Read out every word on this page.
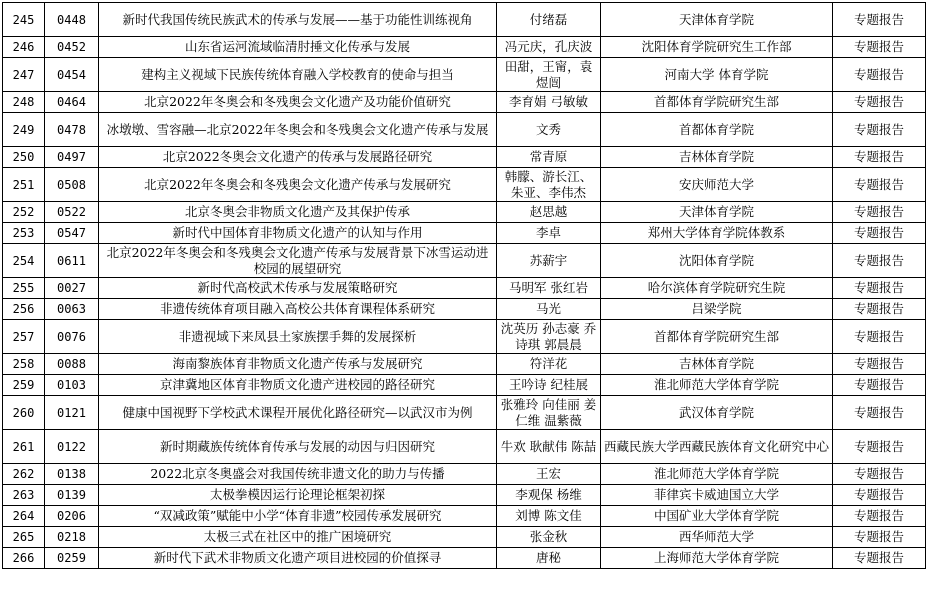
245	0448	新时代我国传统民族武术的传承与发展——基于功能性训练视角	付绪磊	天津体育学院	专题报告
246	0452	山东省运河流域临清肘捶文化传承与发展	冯元庆，孔庆波	沈阳体育学院研究生工作部	专题报告
247	0454	建构主义视域下民族传统体育融入学校教育的使命与担当	田甜，王甯，袁煜闿	河南大学 体育学院	专题报告
248	0464	北京2022年冬奥会和冬残奥会文化遗产及功能价值研究	李育娟 弓敏敏	首都体育学院研究生部	专题报告
249	0478	冰墩墩、雪容融—北京2022年冬奥会和冬残奥会文化遗产传承与发展	文秀	首都体育学院	专题报告
250	0497	北京2022冬奥会文化遗产的传承与发展路径研究	常青原	吉林体育学院	专题报告
251	0508	北京2022年冬奥会和冬残奥会文化遗产传承与发展研究	韩朦、游长江、朱亚、李伟杰	安庆师范大学	专题报告
252	0522	北京冬奥会非物质文化遗产及其保护传承	赵思越	天津体育学院	专题报告
253	0547	新时代中国体育非物质文化遗产的认知与作用	李卓	郑州大学体育学院体教系	专题报告
254	0611	北京2022年冬奥会和冬残奥会文化遗产传承与发展背景下冰雪运动进校园的展望研究	苏薪宇	沈阳体育学院	专题报告
255	0027	新时代高校武术传承与发展策略研究	马明军 张红岩	哈尔滨体育学院研究生院	专题报告
256	0063	非遗传统体育项目融入高校公共体育课程体系研究	马光	吕梁学院	专题报告
257	0076	非遗视域下来凤县土家族摆手舞的发展探析	沈英历 孙志豪 乔诗琪 郭晨晨	首都体育学院研究生部	专题报告
258	0088	海南黎族体育非物质文化遗产传承与发展研究	符洋花	吉林体育学院	专题报告
259	0103	京津冀地区体育非物质文化遗产进校园的路径研究	王吟诗 纪桂展	淮北师范大学体育学院	专题报告
260	0121	健康中国视野下学校武术课程开展优化路径研究—以武汉市为例	张雅玲 向佳丽 姜仁维 温紫薇	武汉体育学院	专题报告
261	0122	新时期藏族传统体育传承与发展的动因与归因研究	牛欢 耿献伟 陈喆	西藏民族大学西藏民族体育文化研究中心	专题报告
262	0138	2022北京冬奥盛会对我国传统非遗文化的助力与传播	王宏	淮北师范大学体育学院	专题报告
263	0139	太极拳模因运行论理论框架初探	李观保 杨维	菲律宾卡威迪国立大学	专题报告
264	0206	“双减政策”赋能中小学“体育非遗”校园传承发展研究	刘博 陈文佳	中国矿业大学体育学院	专题报告
265	0218	太极三式在社区中的推广困境研究	张金秋	西华师范大学	专题报告
266	0259	新时代下武术非物质文化遗产项目进校园的价值探寻	唐秘	上海师范大学体育学院	专题报告
